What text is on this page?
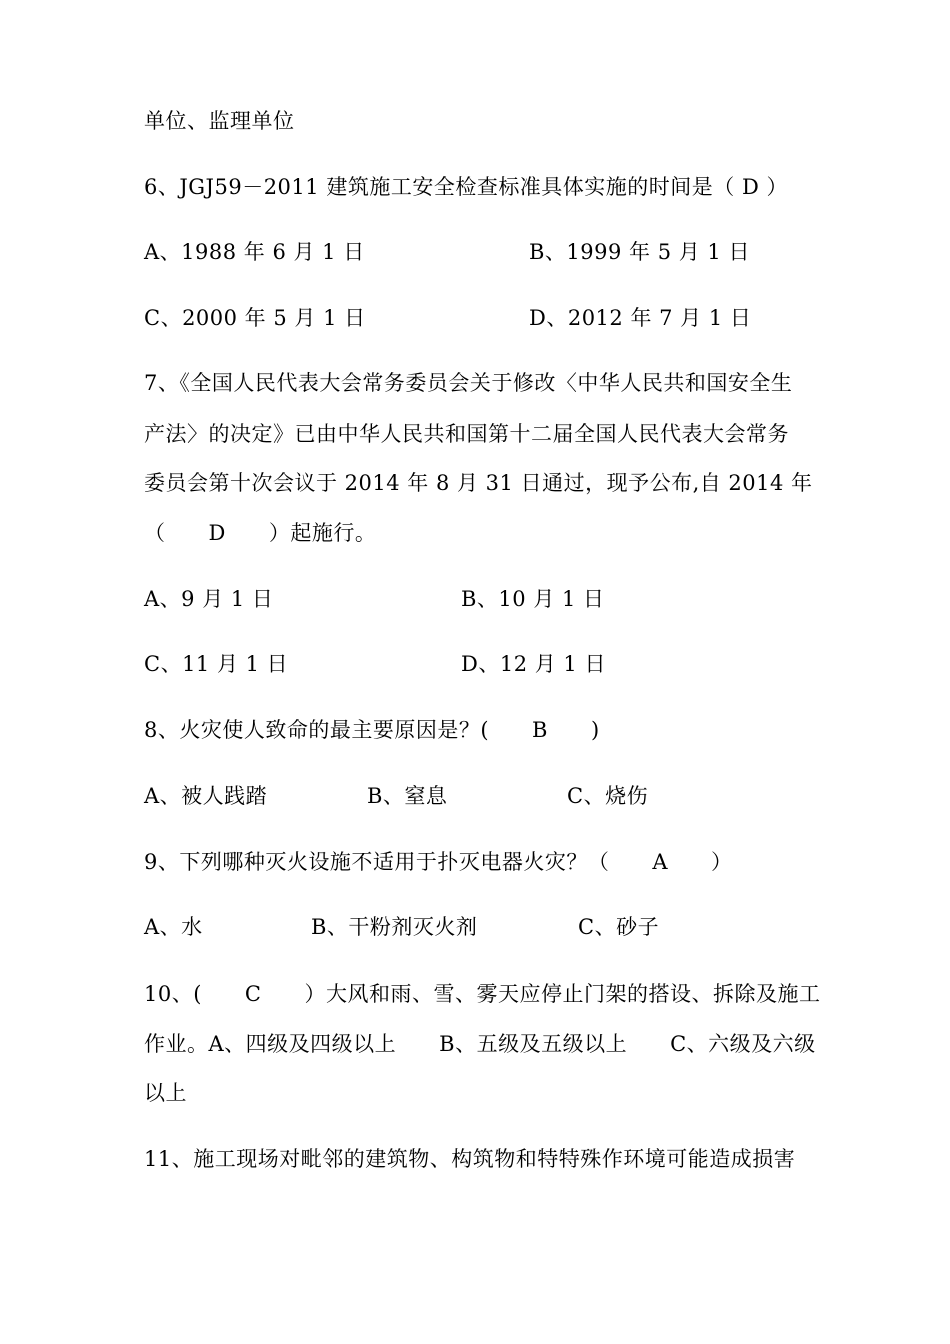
单位、监理单位
6、JGJ59－2011 建筑施工安全检查标准具体实施的时间是（ D ）
A、1988 年 6 月 1 日	B、1999 年 5 月 1 日
C、2000 年 5 月 1 日	D、2012 年 7 月 1 日
7、《全国人民代表大会常务委员会关于修改〈中华人民共和国安全生
产法〉的决定》已由中华人民共和国第十二届全国人民代表大会常务
委员会第十次会议于 2014 年 8 月 31 日通过，现予公布,自 2014 年
（　　D　　）起施行。
A、9 月 1 日	B、10 月 1 日
C、11 月 1 日	D、12 月 1 日
8、火灾使人致命的最主要原因是？(　　B　　)
A、被人践踏	B、窒息	C、烧伤
9、下列哪种灭火设施不适用于扑灭电器火灾？（　　A　　）
A、水	B、干粉剂灭火剂	C、砂子
10、(　　C　　）大风和雨、雪、雾天应停止门架的搭设、拆除及施工
作业。A、四级及四级以上　　B、五级及五级以上　　C、六级及六级
以上
11、施工现场对毗邻的建筑物、构筑物和特特殊作环境可能造成损害
